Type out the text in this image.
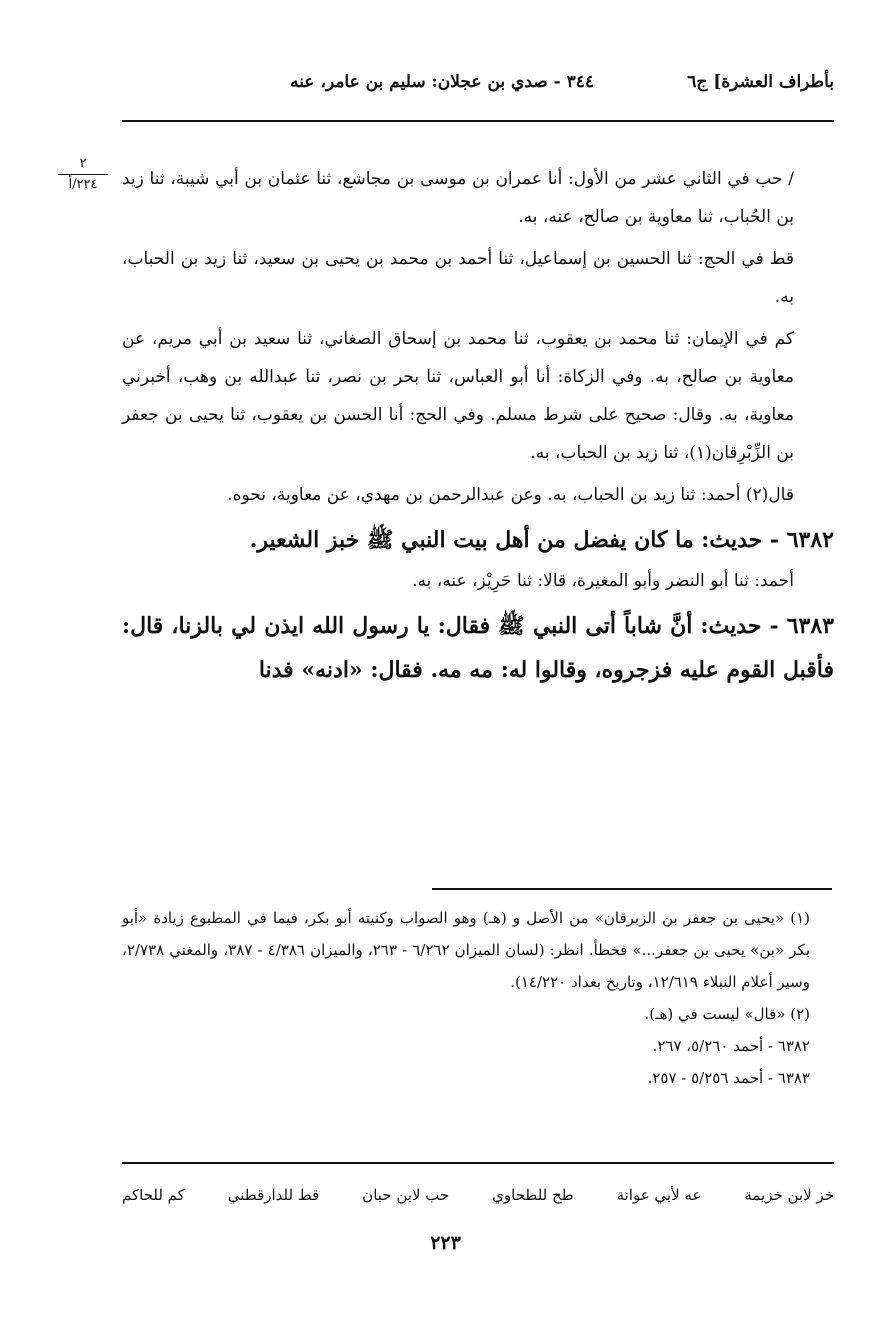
بأطراف العشرة] ج٦
٣٤٤ - صدي بن عجلان: سليم بن عامر، عنه
٢
٢٢٤/أ	/ حب في الثاني عشر من الأول: أنا عمران بن موسى بن مجاشع، ثنا عثمان بن أبي شيبة، ثنا زيد بن الحُباب، ثنا معاوية بن صالح، عنه، به.

قط في الحج: ثنا الحسين بن إسماعيل، ثنا أحمد بن محمد بن يحيى بن سعيد، ثنا زيد بن الحباب، به.

كم في الإيمان: ثنا محمد بن يعقوب، ثنا محمد بن إسحاق الصغاني، ثنا سعيد بن أبي مريم، عن معاوية بن صالح، به. وفي الزكاة: أنا أبو العباس، ثنا بحر بن نصر، ثنا عبدالله بن وهب، أخبرني معاوية، به. وقال: صحيح على شرط مسلم. وفي الحج: أنا الحسن بن يعقوب، ثنا يحيى بن جعفر بن الزِّبْرِقان(١)، ثنا زيد بن الحباب، به.

قال(٢) أحمد: ثنا زيد بن الحباب، به. وعن عبدالرحمن بن مهدي، عن معاوية، نحوه.

٦٣٨٢ - حديث: ما كان يفضل من أهل بيت النبي ﷺ خبز الشعير.

أحمد: ثنا أبو النضر وأبو المغيرة، قالا: ثنا حَرِيْز، عنه، به.

٦٣٨٣ - حديث: أنَّ شاباً أتى النبي ﷺ فقال: يا رسول الله ايذن لي بالزنا، قال: فأقبل القوم عليه فزجروه، وقالوا له: مه مه. فقال: «ادنه» فدنا

(١) «يحيى بن جعفر بن الزبرقان» من الأصل و (هـ) وهو الصواب وكنيته أبو بكر، فيما في المطبوع زيادة «أبو بكر «بن» يحيى بن جعفر...» فخطأ. انظر: (لسان الميزان ٦/٢٦٢ - ٢٦٣، والميزان ٤/٣٨٦ - ٣٨٧، والمغني ٢/٧٣٨، وسير أعلام النبلاء ١٢/٦١٩، وتاريخ بغداد ١٤/٢٢٠).

(٢) «قال» ليست في (هـ).

٦٣٨٢ - أحمد ٥/٢٦٠، ٢٦٧.

٦٣٨٣ - أحمد ٥/٢٥٦ - ٢٥٧.

خز لابن خزيمة
عه لأبي عوانة
طح للطحاوي
حب لابن حبان
قط للدارقطني
كم للحاكم
٢٢٣
